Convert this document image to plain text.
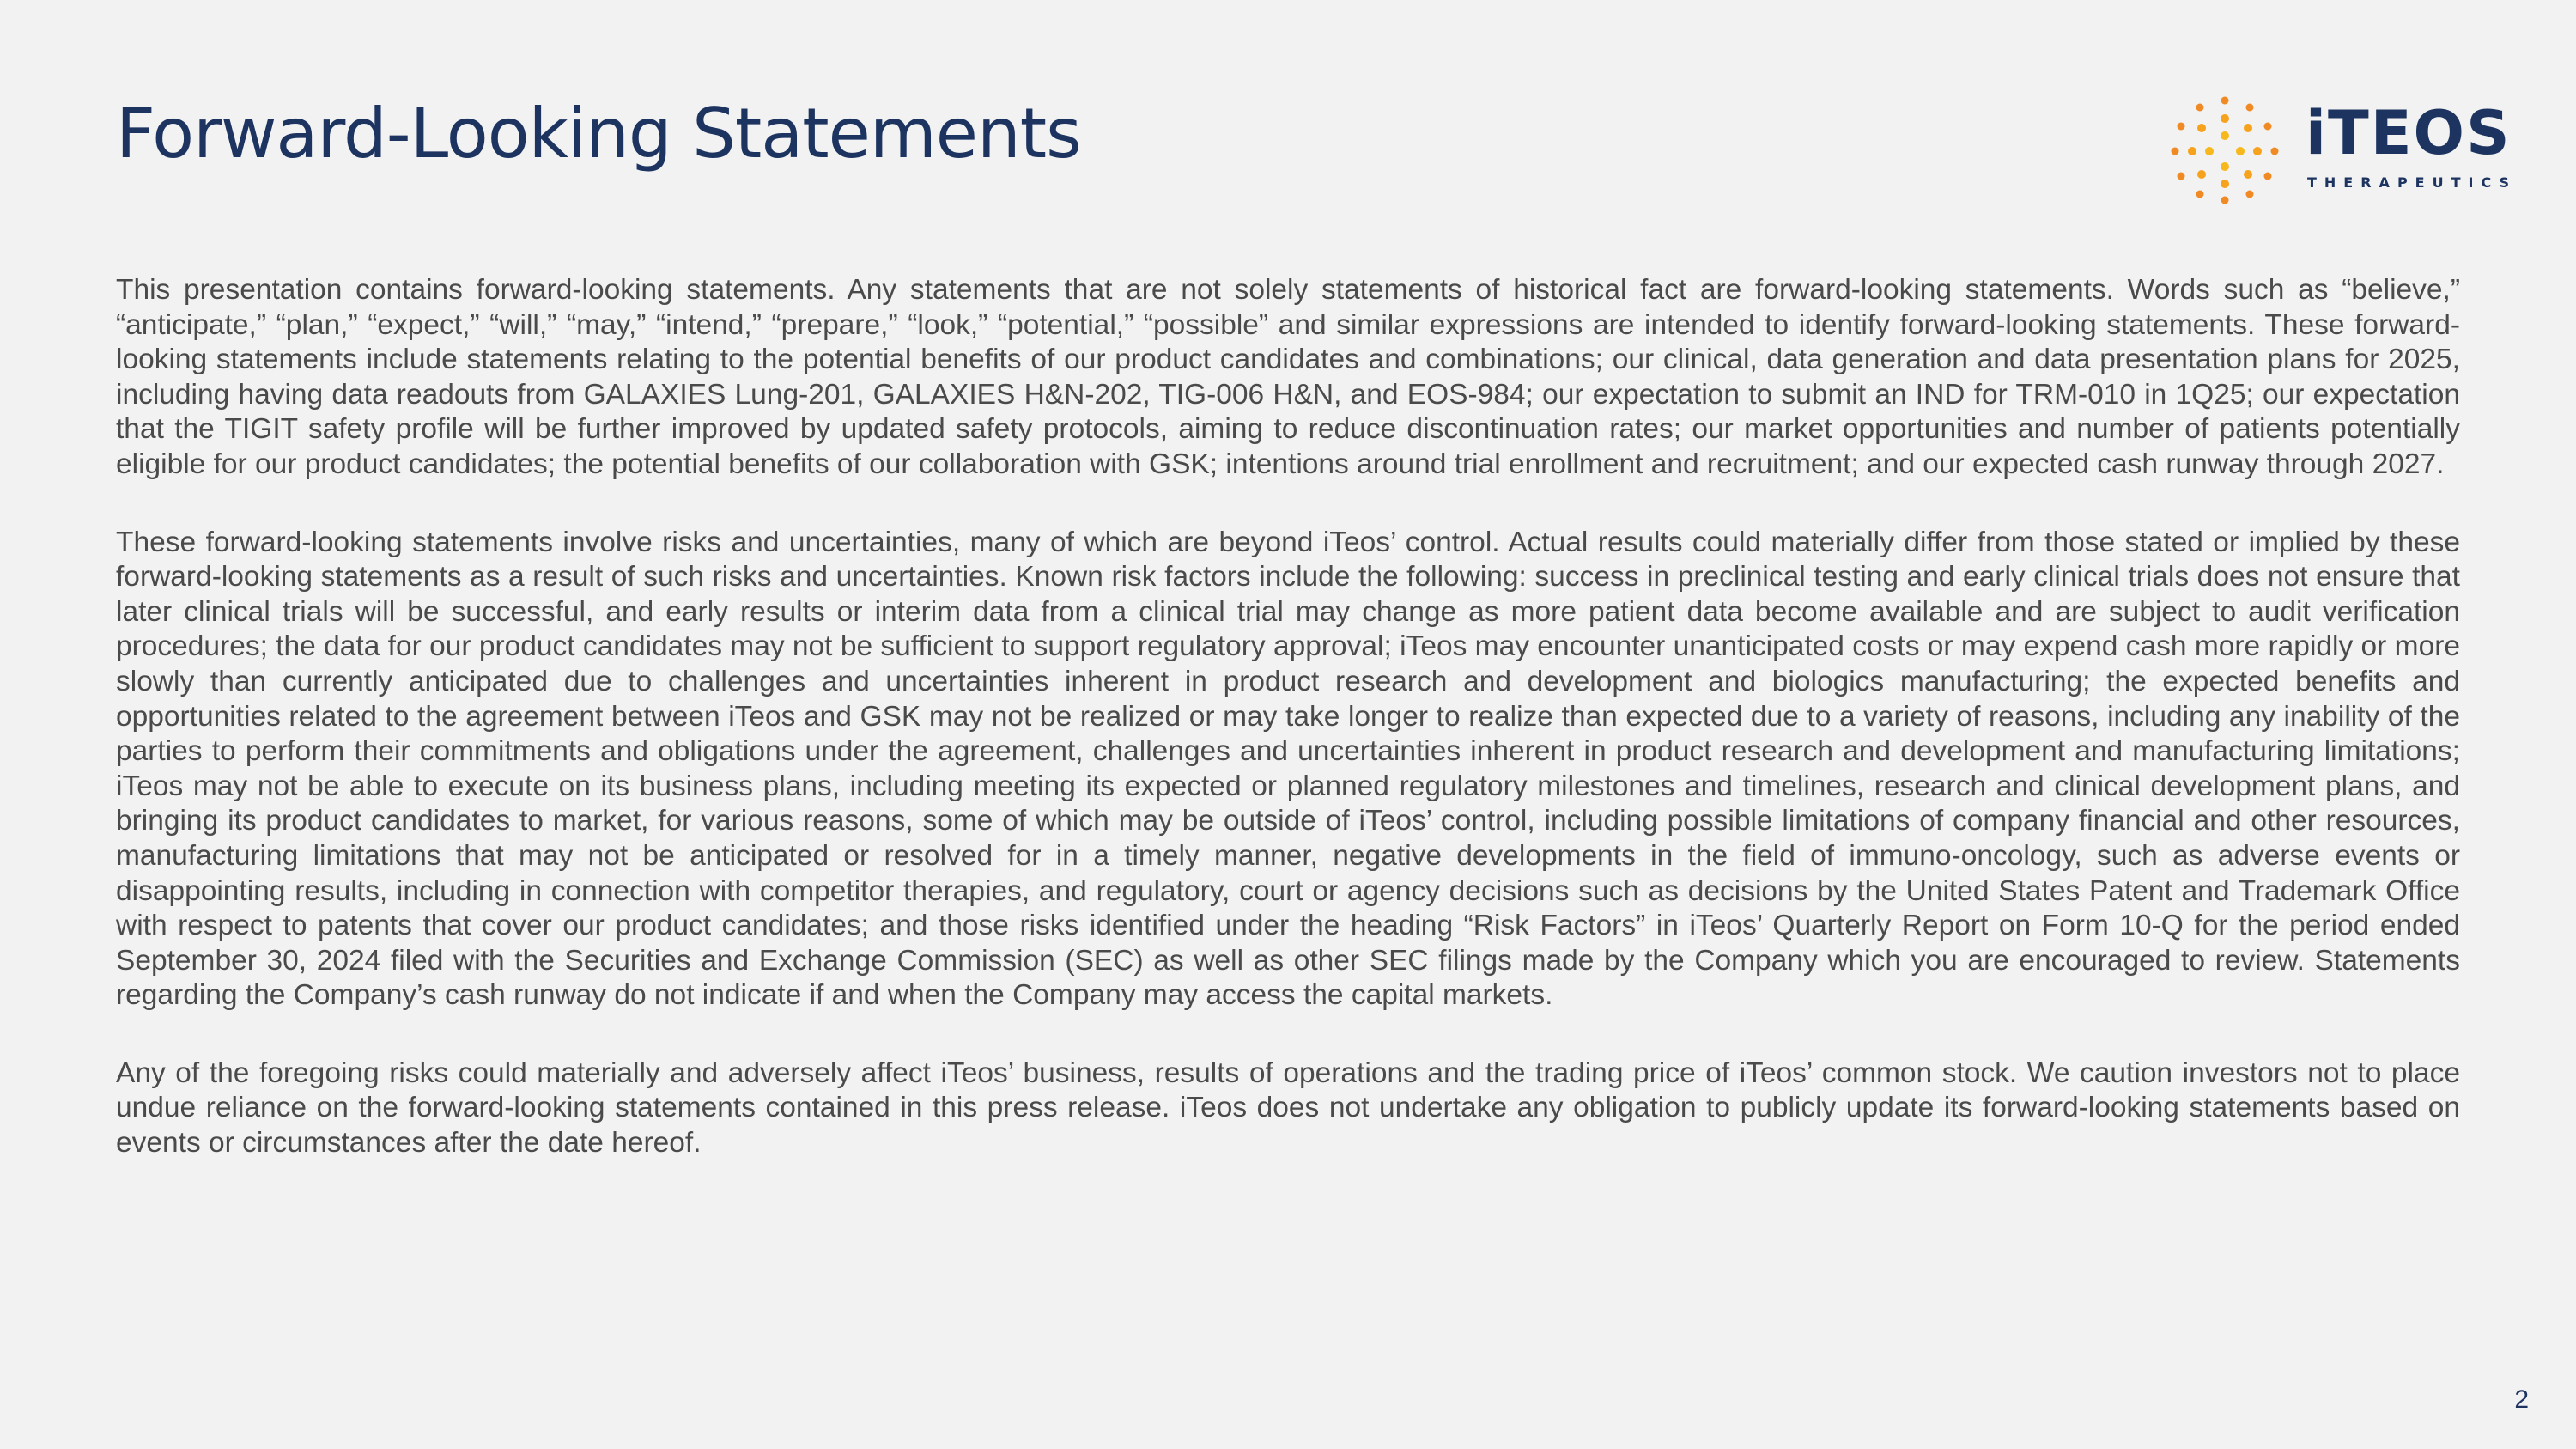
Forward-Looking Statements	iTEOS
THERAPEUTICS

This presentation contains forward-looking statements. Any statements that are not solely statements of historical fact are forward-looking statements. Words such as “believe,” “anticipate,” “plan,” “expect,” “will,” “may,” “intend,” “prepare,” “look,” “potential,” “possible” and similar expressions are intended to identify forward-looking statements. These forward-looking statements include statements relating to the potential benefits of our product candidates and combinations; our clinical, data generation and data presentation plans for 2025, including having data readouts from GALAXIES Lung-201, GALAXIES H&N-202, TIG-006 H&N, and EOS-984; our expectation to submit an IND for TRM-010 in 1Q25; our expectation that the TIGIT safety profile will be further improved by updated safety protocols, aiming to reduce discontinuation rates; our market opportunities and number of patients potentially eligible for our product candidates; the potential benefits of our collaboration with GSK; intentions around trial enrollment and recruitment; and our expected cash runway through 2027.

These forward-looking statements involve risks and uncertainties, many of which are beyond iTeos’ control. Actual results could materially differ from those stated or implied by these forward-looking statements as a result of such risks and uncertainties. Known risk factors include the following: success in preclinical testing and early clinical trials does not ensure that later clinical trials will be successful, and early results or interim data from a clinical trial may change as more patient data become available and are subject to audit verification procedures; the data for our product candidates may not be sufficient to support regulatory approval; iTeos may encounter unanticipated costs or may expend cash more rapidly or more slowly than currently anticipated due to challenges and uncertainties inherent in product research and development and biologics manufacturing; the expected benefits and opportunities related to the agreement between iTeos and GSK may not be realized or may take longer to realize than expected due to a variety of reasons, including any inability of the parties to perform their commitments and obligations under the agreement, challenges and uncertainties inherent in product research and development and manufacturing limitations; iTeos may not be able to execute on its business plans, including meeting its expected or planned regulatory milestones and timelines, research and clinical development plans, and bringing its product candidates to market, for various reasons, some of which may be outside of iTeos’ control, including possible limitations of company financial and other resources, manufacturing limitations that may not be anticipated or resolved for in a timely manner, negative developments in the field of immuno-oncology, such as adverse events or disappointing results, including in connection with competitor therapies, and regulatory, court or agency decisions such as decisions by the United States Patent and Trademark Office with respect to patents that cover our product candidates; and those risks identified under the heading “Risk Factors” in iTeos’ Quarterly Report on Form 10-Q for the period ended September 30, 2024 filed with the Securities and Exchange Commission (SEC) as well as other SEC filings made by the Company which you are encouraged to review. Statements regarding the Company’s cash runway do not indicate if and when the Company may access the capital markets.

Any of the foregoing risks could materially and adversely affect iTeos’ business, results of operations and the trading price of iTeos’ common stock. We caution investors not to place undue reliance on the forward-looking statements contained in this press release. iTeos does not undertake any obligation to publicly update its forward-looking statements based on events or circumstances after the date hereof.

2
